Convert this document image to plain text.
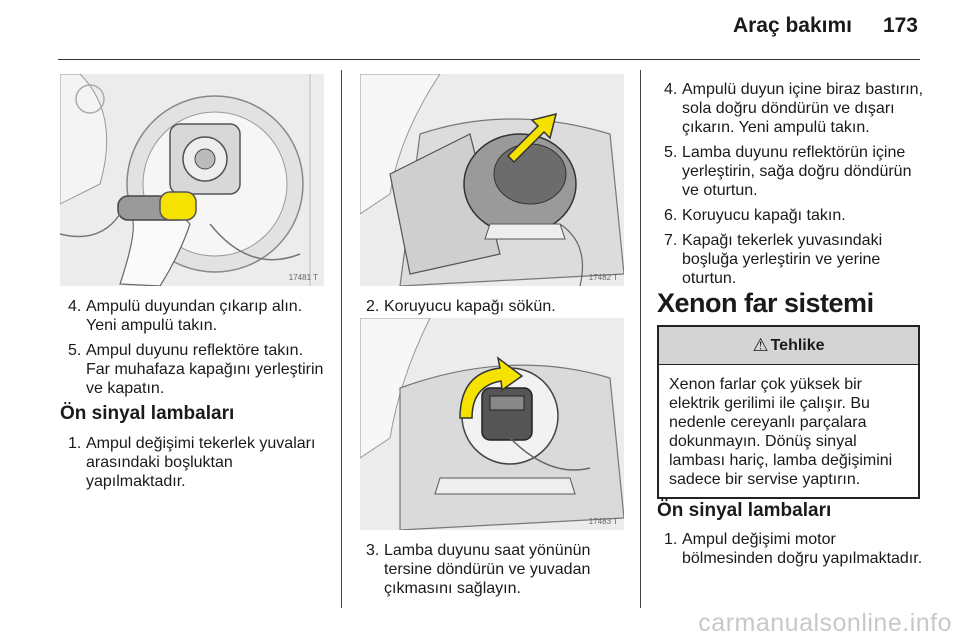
Araç bakımı 173
17481 T
4. Ampulü duyundan çıkarıp alın. Yeni ampulü takın.
5. Ampul duyunu reflektöre takın. Far muhafaza kapağını yerleştirin ve kapatın.
Ön sinyal lambaları
1. Ampul değişimi tekerlek yuvaları arasındaki boşluktan yapılmaktadır.
17482 T
2. Koruyucu kapağı sökün.
17483 T
3. Lamba duyunu saat yönünün tersine döndürün ve yuvadan çıkmasını sağlayın.
4. Ampulü duyun içine biraz bastırın, sola doğru döndürün ve dışarı çıkarın. Yeni ampulü takın.
5. Lamba duyunu reflektörün içine yerleştirin, sağa doğru döndürün ve oturtun.
6. Koruyucu kapağı takın.
7. Kapağı tekerlek yuvasındaki boşluğa yerleştirin ve yerine oturtun.
Xenon far sistemi
⚠ Tehlike
Xenon farlar çok yüksek bir elektrik gerilimi ile çalışır. Bu nedenle cereyanlı parçalara dokunmayın. Dönüş sinyal lambası hariç, lamba değişimini sadece bir servise yaptırın.
Ön sinyal lambaları
1. Ampul değişimi motor bölmesinden doğru yapılmaktadır.
carmanualsonline.info
